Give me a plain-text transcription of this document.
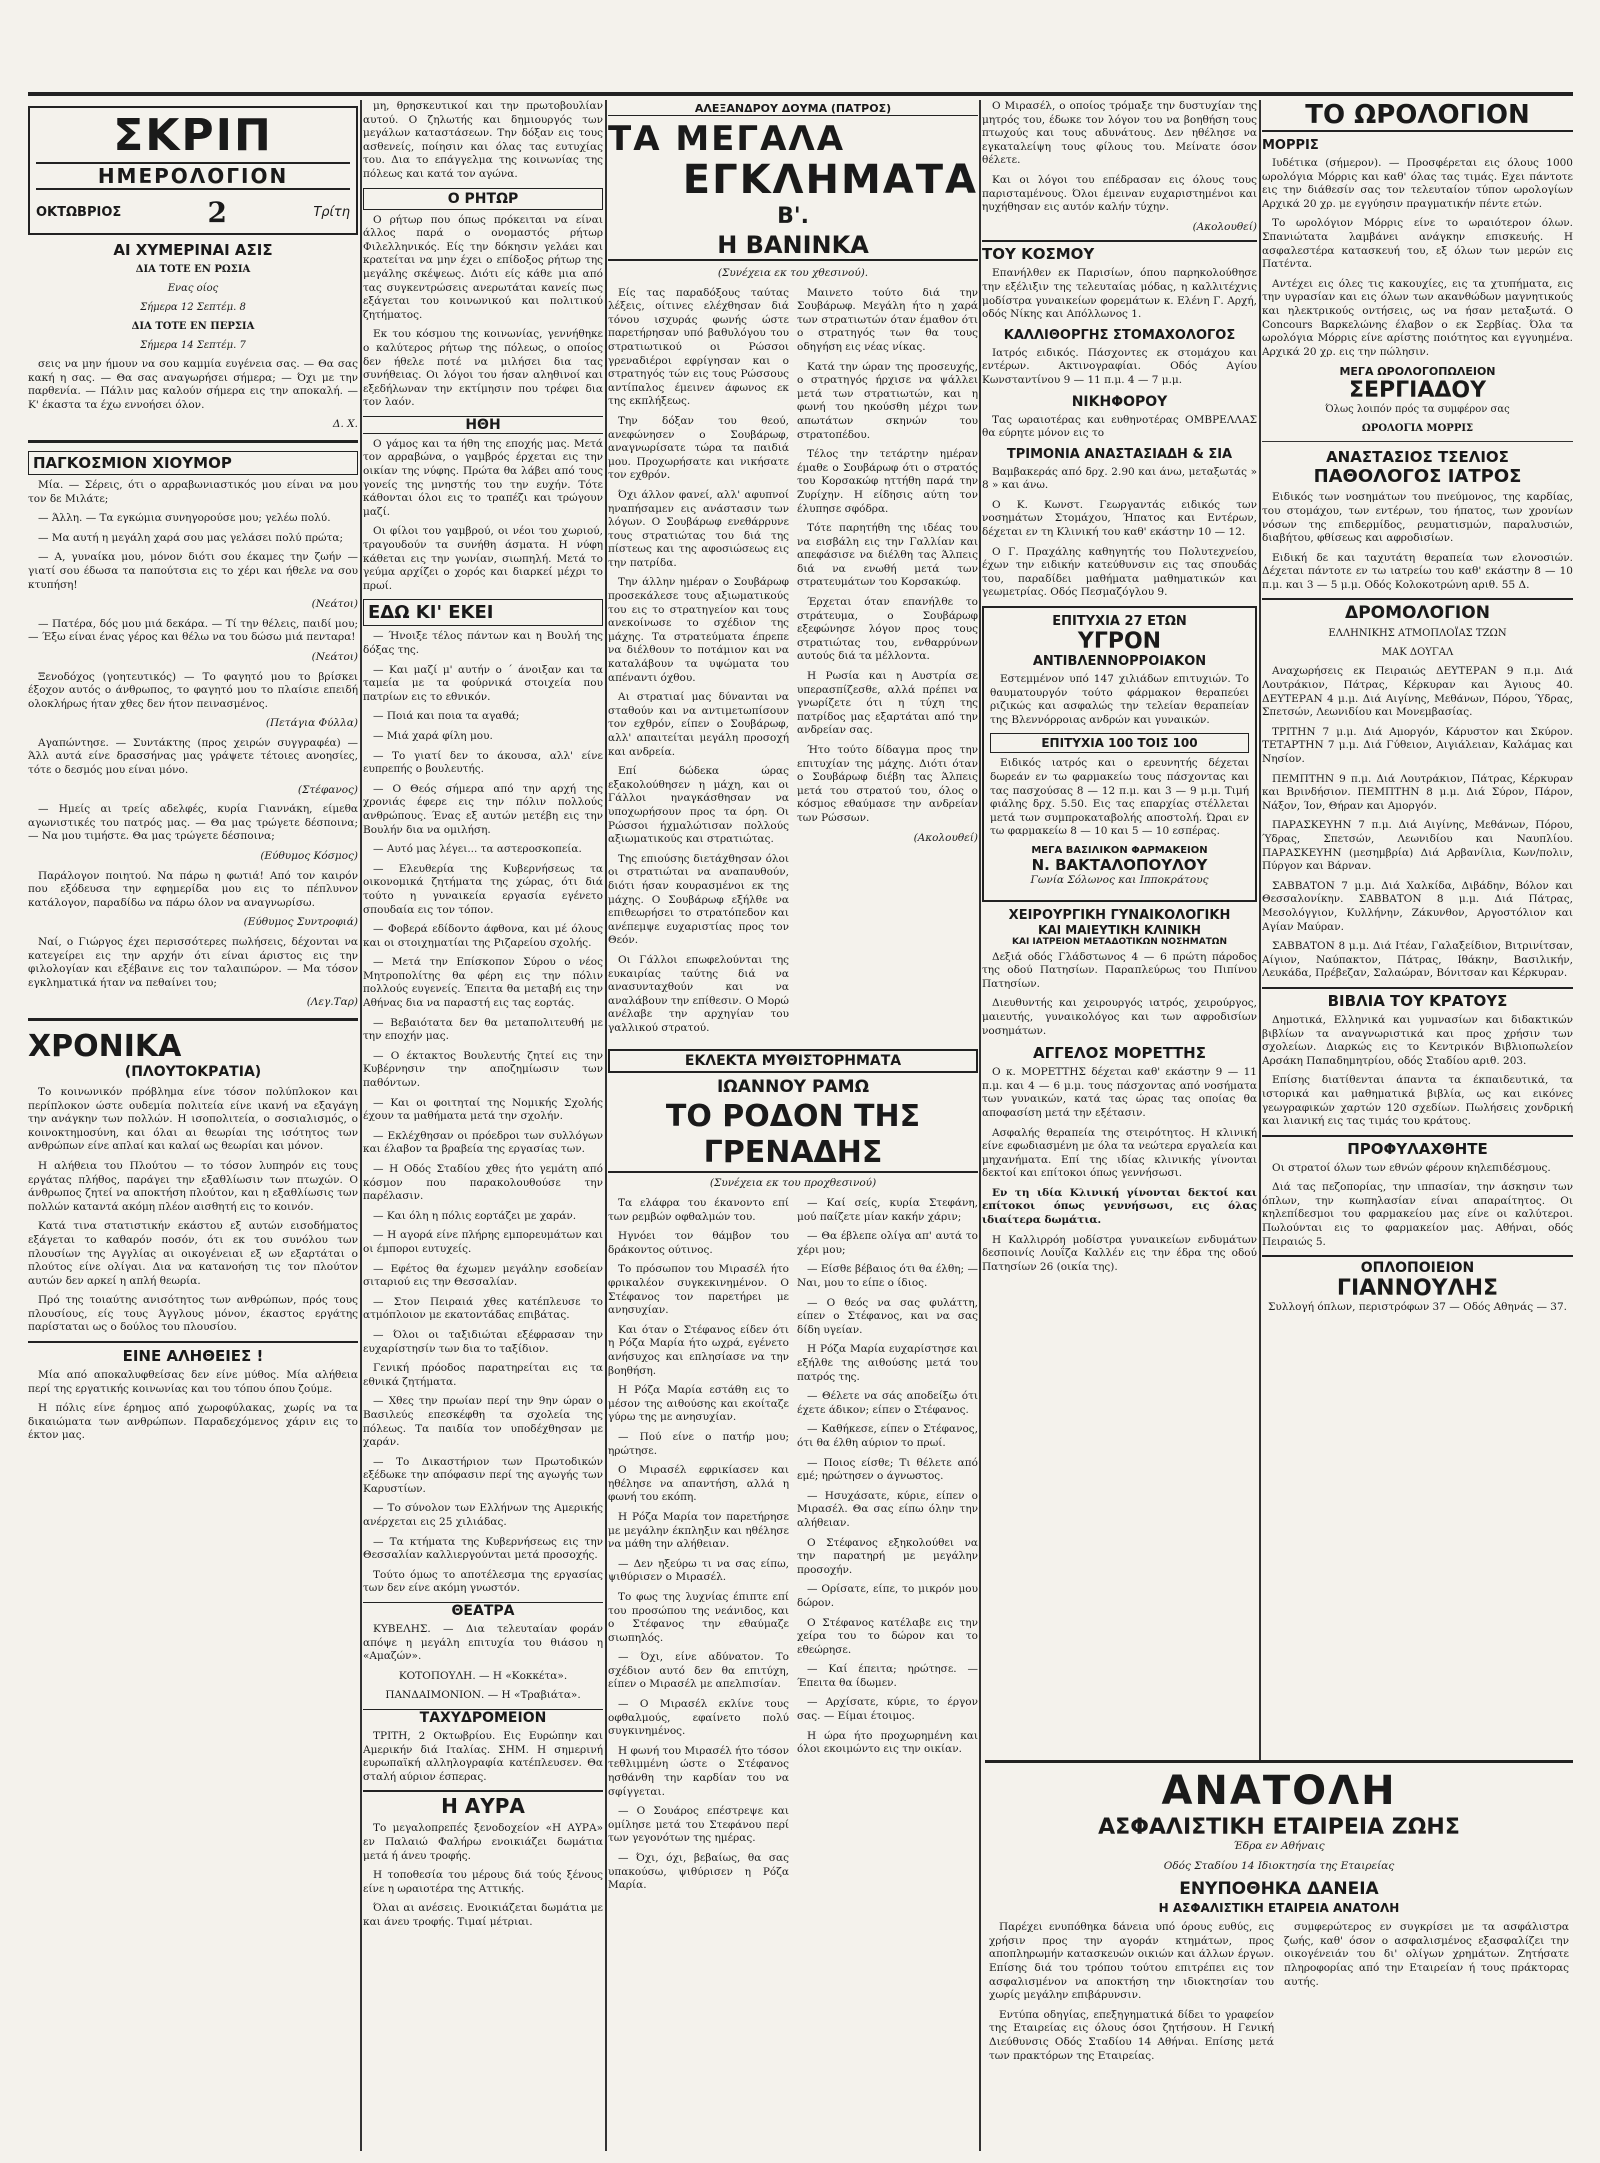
ΣΚΡΙΠ
ΗΜΕΡΟΛΟΓΙΟΝ
ΟΚΤΩΒΡΙΟΣ	2	Τρίτη
ΑΙ ΧΥΜΕΡΙΝΑΙ ΑΣΙΣ

ΔΙΑ ΤΟΤΕ ΕΝ ΡΩΣΙΑ

Ενας οίος

Σήμερα 12 Σεπτέμ. 8

ΔΙΑ ΤΟΤΕ ΕΝ ΠΕΡΣΙΑ

Σήμερα 14 Σεπτέμ. 7

σεις να μην ήμουν να σου καμμία ευγένεια σας. — Θα σας κακή η σας. — Θα σας αναγωρήσει σήμερα; — Όχι με την παρθενία. — Πάλιν μας καλούν σήμερα εις την αποκαλή. — Κ' έκαστα τα έχω εννοήσει όλον.

Δ. Χ.

ΠΑΓΚΟΣΜΙΟΝ ΧΙΟΥΜΟΡ

Μία. — Σέρεις, ότι ο αρραβωνιαστικός μου είναι να μου τον δε Μιλάτε;

— Άλλη. — Τα εγκώμια συνηγορούσε μου; γελέω πολύ.

— Μα αυτή η μεγάλη χαρά σου μας γελάσει πολύ πρώτα;

— Α, γυναίκα μου, μόνον διότι σου έκαμες την ζωήν — γιατί σου έδωσα τα παπούτσια εις το χέρι και ήθελε να σου κτυπήση!

(Νεάτοι)

— Πατέρα, δός μου μιά δεκάρα. — Τί την θέλεις, παιδί μου; — Έξω είναι ένας γέρος και θέλω να του δώσω μιά πενταρα!

(Νεάτοι)

Ξενοδόχος (γοητευτικός) — Το φαγητό μου το βρίσκει έξοχον αυτός ο άνθρωπος, το φαγητό μου το πλαίσιε επειδή ολοκλήρως ήταν χθες δεν ήτον πεινασμένος.

(Πετάγια Φύλλα)

Αγαπώντησε. — Συντάκτης (προς χειρών συγγραφέα) — Άλλ αυτά είνε δρασσήνας μας γράψετε τέτοιες ανοησίες, τότε ο δεσμός μου είναι μόνο.

(Στέφανος)

— Ημείς αι τρείς αδελφές, κυρία Γιαννάκη, είμεθα αγωνιστικές του πατρός μας. — Θα μας τρώγετε δέσποινα; — Να μου τιμήστε. Θα μας τρώγετε δέσποινα;

(Εύθυμος Κόσμος)

Παράλογον ποιητού. Να πάρω η φωτιά! Από τον καιρόν που εξόδευσα την εφημερίδα μου εις το πέπλυνον κατάλογον, παραδίδω να πάρω όλον να αναγνωρίσω.

(Εύθυμος Συντροφιά)

Ναί, ο Γιώργος έχει περισσότερες πωλήσεις, δέχονται να κατεγείρει εις την αρχήν ότι είναι άριστος εις την φιλολογίαν και εξέβαινε εις τον ταλαιπώρον. — Μα τόσον εγκληματικά ήταν να πεθαίνει του;

(Λεγ.Ταρ)

ΧΡΟΝΙΚΑ
(ΠΛΟΥΤΟΚΡΑΤΙΑ)

Το κοινωνικόν πρόβλημα είνε τόσον πολύπλοκον και περίπλοκον ώστε ουδεμία πολιτεία είνε ικανή να εξαγάγη την ανάγκην των πολλών. Η ισοπολιτεία, ο σοσιαλισμός, ο κοινοκτημοσύνη, και όλαι αι θεωρίαι της ισότητος των ανθρώπων είνε απλαί και καλαί ως θεωρίαι και μόνον.

Η αλήθεια του Πλούτου — το τόσον λυπηρόν εις τους εργάτας πλήθος, παράγει την εξαθλίωσιν των πτωχών. Ο άνθρωπος ζητεί να αποκτήση πλούτον, και η εξαθλίωσις των πολλών καταντά ακόμη πλέον αισθητή εις το κοινόν.

Κατά τινα στατιστικήν εκάστου εξ αυτών εισοδήματος εξάγεται το καθαρόν ποσόν, ότι εκ του συνόλου των πλουσίων της Αγγλίας αι οικογένειαι εξ ων εξαρτάται ο πλούτος είνε ολίγαι. Δια να κατανοήση τις τον πλούτον αυτών δεν αρκεί η απλή θεωρία.

Πρό της τοιαύτης ανισότητος των ανθρώπων, πρός τους πλουσίους, είς τους Άγγλους μόνον, έκαστος εργάτης παρίσταται ως ο δούλος του πλουσίου.

ΕΙΝΕ ΑΛΗΘΕΙΕΣ !

Μία από αποκαλυφθείσας δεν είνε μύθος. Μία αλήθεια περί της εργατικής κοινωνίας και του τόπου όπου ζούμε.

Η πόλις είνε έρημος από χωροφύλακας, χωρίς να τα δικαιώματα των ανθρώπων. Παραδεχόμενος χάριν εις το έκτον μας.

μη, θρησκευτικοί και την πρωτοβουλίαν αυτού. Ο ζηλωτής και δημιουργός των μεγάλων καταστάσεων. Την δόξαν εις τους ασθενείς, ποίησιν και όλας τας ευτυχίας του. Δια το επάγγελμα της κοινωνίας της πόλεως και κατά τον αγώνα.

Ο ΡΗΤΩΡ

Ο ρήτωρ που όπως πρόκειται να είναι άλλος παρά ο ονομαστός ρήτωρ Φιλελληνικός. Είς την δόκησιν γελάει και κρατείται να μην έχει ο επίδοξος ρήτωρ της μεγάλης σκέψεως. Διότι είς κάθε μια από τας συγκεντρώσεις ανερωτάται κανείς πως εξάγεται του κοινωνικού και πολιτικού ζητήματος.

Εκ του κόσμου της κοινωνίας, γεννήθηκε ο καλύτερος ρήτωρ της πόλεως, ο οποίος δεν ήθελε ποτέ να μιλήσει δια τας συνήθειας. Οι λόγοι του ήσαν αληθινοί και εξεδήλωναν την εκτίμησιν που τρέφει δια τον λαόν.

ΗΘΗ

Ο γάμος και τα ήθη της εποχής μας. Μετά τον αρραβώνα, ο γαμβρός έρχεται εις την οικίαν της νύφης. Πρώτα θα λάβει από τους γονείς της μνηστής του την ευχήν. Τότε κάθονται όλοι εις το τραπέζι και τρώγουν μαζί.

Οι φίλοι του γαμβρού, οι νέοι του χωριού, τραγουδούν τα συνήθη άσματα. Η νύφη κάθεται εις την γωνίαν, σιωπηλή. Μετά το γεύμα αρχίζει ο χορός και διαρκεί μέχρι το πρωί.

ΕΔΩ ΚΙ' ΕΚΕΙ

— Ήνοιξε τέλος πάντων και η Βουλή της δόξας της.

— Και μαζί μ' αυτήν ο ΄ άνοιξαν και τα ταμεία με τα φούρνικά στοιχεία που πατρίων εις το εθνικόν.

— Ποιά και ποια τα αγαθά;

— Μιά χαρά φίλη μου.

— Το γιατί δεν το άκουσα, αλλ' είνε ευπρεπής ο βουλευτής.

— Ο Θεός σήμερα από την αρχή της χρονιάς έφερε εις την πόλιν πολλούς ανθρώπους. Ένας εξ αυτών μετέβη εις την Βουλήν δια να ομιλήση.

— Αυτό μας λέγει... τα αστεροσκοπεία.

— Ελευθερία της Κυβερνήσεως τα οικονομικά ζητήματα της χώρας, ότι διά τούτο η γυναικεία εργασία εγένετο σπουδαία εις τον τόπον.

— Φοβερά εδίδοντο άφθονα, και μέ όλους και οι στοιχηματίαι της Ριζαρείου σχολής.

— Μετά την Επίσκοπον Σύρου ο νέος Μητροπολίτης θα φέρη εις την πόλιν πολλούς ευγενείς. Έπειτα θα μεταβή εις την Αθήνας δια να παραστή εις τας εορτάς.

— Βεβαιότατα δεν θα μεταπολιτευθή με την εποχήν μας.

— Ο έκτακτος Βουλευτής ζητεί εις την Κυβέρνησιν την αποζημίωσιν των παθόντων.

— Και οι φοιτηταί της Νομικής Σχολής έχουν τα μαθήματα μετά την σχολήν.

— Εκλέχθησαν οι πρόεδροι των συλλόγων και έλαβον τα βραβεία της εργασίας των.

— Η Οδός Σταδίου χθες ήτο γεμάτη από κόσμον που παρακολουθούσε την παρέλασιν.

— Και όλη η πόλις εορτάζει με χαράν.

— Η αγορά είνε πλήρης εμπορευμάτων και οι έμποροι ευτυχείς.

— Εφέτος θα έχωμεν μεγάλην εσοδείαν σιταριού εις την Θεσσαλίαν.

— Στον Πειραιά χθες κατέπλευσε το ατμόπλοιον με εκατοντάδας επιβάτας.

— Όλοι οι ταξιδιώται εξέφρασαν την ευχαρίστησίν των δια το ταξίδιον.

Γενική πρόοδος παρατηρείται εις τα εθνικά ζητήματα.

— Χθες την πρωίαν περί την 9ην ώραν ο Βασιλεύς επεσκέφθη τα σχολεία της πόλεως. Τα παιδία τον υποδέχθησαν με χαράν.

— Το Δικαστήριον των Πρωτοδικών εξέδωκε την απόφασιν περί της αγωγής των Καρυστίων.

— Το σύνολον των Ελλήνων της Αμερικής ανέρχεται εις 25 χιλιάδας.

— Τα κτήματα της Κυβερνήσεως εις την Θεσσαλίαν καλλιεργούνται μετά προσοχής.

Τούτο όμως το αποτέλεσμα της εργασίας των δεν είνε ακόμη γνωστόν.

ΘΕΑΤΡΑ

ΚΥΒΕΛΗΣ. — Δια τελευταίαν φοράν απόψε η μεγάλη επιτυχία του θιάσου η «Αμαζών».

ΚΟΤΟΠΟΥΛΗ. — Η «Κοκκέτα».

ΠΑΝΔΑΙΜΟΝΙΟΝ. — Η «Τραβιάτα».

ΤΑΧΥΔΡΟΜΕΙΟΝ

ΤΡΙΤΗ, 2 Οκτωβρίου. Εις Ευρώπην και Αμερικήν διά Ιταλίας. ΣΗΜ. Η σημερινή ευρωπαϊκή αλληλογραφία κατέπλευσεν. Θα σταλή αύριον έσπερας.

Η ΑΥΡΑ

Το μεγαλοπρεπές ξενοδοχείον «Η ΑΥΡΑ» εν Παλαιώ Φαλήρω ενοικιάζει δωμάτια μετά ή άνευ τροφής.

Η τοποθεσία του μέρους διά τούς ξένους είνε η ωραιοτέρα της Αττικής.

Όλαι αι ανέσεις. Ενοικιάζεται δωμάτια με και άνευ τροφής. Τιμαί μέτριαι.

ΑΛΕΞΑΝΔΡΟΥ ΔΟΥΜΑ (ΠΑΤΡΟΣ)
ΤΑ ΜΕΓΑΛΑ
ΕΓΚΛΗΜΑΤΑ
Β'.
Η ΒΑΝΙΝΚΑ

(Συνέχεια εκ του χθεσινού).

Είς τας παραδόξους ταύτας λέξεις, οίτινες ελέχθησαν διά τόνου ισχυράς φωνής ώστε παρετήρησαν υπό βαθυλόγου του στρατιωτικού οι Ρώσσοι γρεναδιέροι εφρίγησαν και ο στρατηγός τών εις τους Ρώσσους αντίπαλος έμεινεν άφωνος εκ της εκπλήξεως.

Την δόξαν του θεού, ανεφώνησεν ο Σουβάρωφ, αναγνωρίσατε τώρα τα παιδιά μου. Προχωρήσατε και νικήσατε τον εχθρόν.

Όχι άλλον φανεί, αλλ' αφυπνοί ηναπήσαμεν εις ανάστασιν των λόγων. Ο Σουβάρωφ ενεθάρρυνε τους στρατιώτας του διά της πίστεως και της αφοσιώσεως εις την πατρίδα.

Την άλλην ημέραν ο Σουβάρωφ προσεκάλεσε τους αξιωματικούς του εις το στρατηγείον και τους ανεκοίνωσε το σχέδιον της μάχης. Τα στρατεύματα έπρεπε να διέλθουν το ποτάμιον και να καταλάβουν τα υψώματα του απέναντι όχθου.

Αι στρατιαί μας δύνανται να σταθούν και να αντιμετωπίσουν τον εχθρόν, είπεν ο Σουβάρωφ, αλλ' απαιτείται μεγάλη προσοχή και ανδρεία.

Επί δώδεκα ώρας εξακολούθησεν η μάχη, και οι Γάλλοι ηναγκάσθησαν να υποχωρήσουν προς τα όρη. Οι Ρώσσοι ήχμαλώτισαν πολλούς αξιωματικούς και στρατιώτας.

Της επιούσης διετάχθησαν όλοι οι στρατιώται να αναπαυθούν, διότι ήσαν κουρασμένοι εκ της μάχης. Ο Σουβάρωφ εξήλθε να επιθεωρήσει το στρατόπεδον και ανέπεμψε ευχαριστίας προς τον Θεόν.

Οι Γάλλοι επωφελούνται της ευκαιρίας ταύτης διά να ανασυνταχθούν και να αναλάβουν την επίθεσιν. Ο Μορώ ανέλαβε την αρχηγίαν του γαλλικού στρατού.

Μαινετο τούτο διά την Σουβάρωφ. Μεγάλη ήτο η χαρά των στρατιωτών όταν έμαθον ότι ο στρατηγός των θα τους οδηγήση εις νέας νίκας.

Κατά την ώραν της προσευχής, ο στρατηγός ήρχισε να ψάλλει μετά των στρατιωτών, και η φωνή του ηκούσθη μέχρι των απωτάτων σκηνών του στρατοπέδου.

Τέλος την τετάρτην ημέραν έμαθε ο Σουβάρωφ ότι ο στρατός του Κορσακώφ ηττήθη παρά την Ζυρίχην. Η είδησις αύτη τον έλυπησε σφόδρα.

Τότε παρητήθη της ιδέας του να εισβάλη εις την Γαλλίαν και απεφάσισε να διέλθη τας Άλπεις διά να ενωθή μετά των στρατευμάτων του Κορσακώφ.

Έρχεται όταν επανήλθε το στράτευμα, ο Σουβάρωφ εξεφώνησε λόγον προς τους στρατιώτας του, ενθαρρύνων αυτούς διά τα μέλλοντα.

Η Ρωσία και η Αυστρία σε υπερασπίζεσθε, αλλά πρέπει να γνωρίζετε ότι η τύχη της πατρίδος μας εξαρτάται από την ανδρείαν σας.

Ήτο τούτο δίδαγμα προς την επιτυχίαν της μάχης. Διότι όταν ο Σουβάρωφ διέβη τας Άλπεις μετά του στρατού του, όλος ο κόσμος εθαύμασε την ανδρείαν των Ρώσσων.

(Ακολουθεί)

ΕΚΛΕΚΤΑ ΜΥΘΙΣΤΟΡΗΜΑΤΑ
ΙΩΑΝΝΟΥ ΡΑΜΩ
ΤΟ ΡΟΔΟΝ ΤΗΣ ΓΡΕΝΑΔΗΣ

(Συνέχεια εκ του προχθεσινού)

Τα ελάφρα του έκανοντο επί των ρεμβών οφθαλμών του.

Ηγνόει τον θάμβον του δράκοντος ούτινος.

Το πρόσωπον του Μιρασέλ ήτο φρικαλέον συγκεκινημένον. Ο Στέφανος τον παρετήρει με ανησυχίαν.

Και όταν ο Στέφανος είδεν ότι η Ρόζα Μαρία ήτο ωχρά, εγένετο ανήσυχος και επλησίασε να την βοηθήση.

Η Ρόζα Μαρία εστάθη εις το μέσον της αιθούσης και εκοίταζε γύρω της με ανησυχίαν.

— Πού είνε ο πατήρ μου; ηρώτησε.

Ο Μιρασέλ εφρικίασεν και ηθέλησε να απαντήση, αλλά η φωνή του εκόπη.

Η Ρόζα Μαρία τον παρετήρησε με μεγάλην έκπληξιν και ηθέλησε να μάθη την αλήθειαν.

— Δεν ηξεύρω τι να σας είπω, ψιθύρισεν ο Μιρασέλ.

Το φως της λυχνίας έπιπτε επί του προσώπου της νεάνιδος, και ο Στέφανος την εθαύμαζε σιωπηλός.

— Όχι, είνε αδύνατον. Το σχέδιον αυτό δεν θα επιτύχη, είπεν ο Μιρασέλ με απελπισίαν.

— Ο Μιρασέλ εκλίνε τους οφθαλμούς, εφαίνετο πολύ συγκινημένος.

Η φωνή του Μιρασέλ ήτο τόσον τεθλιμμένη ώστε ο Στέφανος ησθάνθη την καρδίαν του να σφίγγεται.

— Ο Σουάρος επέστρεψε και ομίλησε μετά του Στεφάνου περί των γεγονότων της ημέρας.

— Όχι, όχι, βεβαίως, θα σας υπακούσω, ψιθύρισεν η Ρόζα Μαρία.

— Καί σείς, κυρία Στεφάνη, μού παίζετε μίαν κακήν χάριν;

— Θα έβλεπε ολίγα απ' αυτά το χέρι μου;

— Είσθε βέβαιος ότι θα έλθη; — Ναι, μου το είπε ο ίδιος.

— Ο θεός να σας φυλάττη, είπεν ο Στέφανος, και να σας δίδη υγείαν.

Η Ρόζα Μαρία ευχαρίστησε και εξήλθε της αιθούσης μετά του πατρός της.

— Θέλετε να σάς αποδείξω ότι έχετε άδικον; είπεν ο Στέφανος.

— Καθήκεσε, είπεν ο Στέφανος, ότι θα έλθη αύριον το πρωί.

— Ποιος είσθε; Τι θέλετε από εμέ; ηρώτησεν ο άγνωστος.

— Ησυχάσατε, κύριε, είπεν ο Μιρασέλ. Θα σας είπω όλην την αλήθειαν.

Ο Στέφανος εξηκολούθει να την παρατηρή με μεγάλην προσοχήν.

— Ορίσατε, είπε, το μικρόν μου δώρον.

Ο Στέφανος κατέλαβε εις την χείρα του το δώρον και το εθεώρησε.

— Καί έπειτα; ηρώτησε. — Έπειτα θα ίδωμεν.

— Αρχίσατε, κύριε, το έργον σας. — Είμαι έτοιμος.

Η ώρα ήτο προχωρημένη και όλοι εκοιμώντο εις την οικίαν.

Ο Μιρασέλ, ο οποίος τρόμαξε την δυστυχίαν της μητρός του, έδωκε τον λόγον του να βοηθήση τους πτωχούς και τους αδυνάτους. Δεν ηθέλησε να εγκαταλείψη τους φίλους του. Μείνατε όσον θέλετε.

Και οι λόγοι του επέδρασαν εις όλους τους παρισταμένους. Όλοι έμειναν ευχαριστημένοι και ηυχήθησαν εις αυτόν καλήν τύχην.

(Ακολουθεί)

ΤΟΥ ΚΟΣΜΟΥ

Επανήλθεν εκ Παρισίων, όπου παρηκολούθησε την εξέλιξιν της τελευταίας μόδας, η καλλιτέχνις μοδίστρα γυναικείων φορεμάτων κ. Ελένη Γ. Αρχή, οδός Νίκης και Απόλλωνος 1.

ΚΑΛΛΙΘΟΡΓΗΣ ΣΤΟΜΑΧΟΛΟΓΟΣ

Ιατρός ειδικός. Πάσχοντες εκ στομάχου και εντέρων. Ακτινογραφίαι. Οδός Αγίου Κωνσταντίνου 9 — 11 π.μ. 4 — 7 μ.μ.

ΝΙΚΗΦΟΡΟΥ

Τας ωραιοτέρας και ευθηνοτέρας ΟΜΒΡΕΛΛΑΣ θα εύρητε μόνον εις το

ΤΡΙΜΟΝΙΑ ΑΝΑΣΤΑΣΙΑΔΗ & ΣΙΑ

Βαμβακεράς από δρχ. 2.90 και άνω, μεταξωτάς » 8 » και άνω.

Ο Κ. Κωνστ. Γεωργαντάς ειδικός των νοσημάτων Στομάχου, Ήπατος και Εντέρων, δέχεται εν τη Κλινική του καθ' εκάστην 10 — 12.

Ο Γ. Πραχάλης καθηγητής του Πολυτεχνείου, έχων την ειδικήν κατεύθυνσιν εις τας σπουδάς του, παραδίδει μαθήματα μαθηματικών και γεωμετρίας. Οδός Πεσμαζόγλου 9.

ΕΠΙΤΥΧΙΑ 27 ΕΤΩΝ
ΥΓΡΟΝ
ΑΝΤΙΒΛΕΝΝΟΡΡΟΙΑΚΟΝ

Εστεμμένον υπό 147 χιλιάδων επιτυχιών. Το θαυματουργόν τούτο φάρμακον θεραπεύει ριζικώς και ασφαλώς την τελείαν θεραπείαν της Βλεννόρροιας ανδρών και γυναικών.

ΕΠΙΤΥΧΙΑ 100 ΤΟΙΣ 100

Ειδικός ιατρός και ο ερευνητής δέχεται δωρεάν εν τω φαρμακείω τους πάσχοντας και τας πασχούσας 8 — 12 π.μ. και 3 — 9 μ.μ. Τιμή φιάλης δρχ. 5.50. Εις τας επαρχίας στέλλεται μετά των συμπροκαταβολής αποστολή. Ώραι εν τω φαρμακείω 8 — 10 και 5 — 10 εσπέρας.

ΜΕΓΑ ΒΑΣΙΛΙΚΟΝ ΦΑΡΜΑΚΕΙΟΝ
Ν. ΒΑΚΤΑΛΟΠΟΥΛΟΥ

Γωνία Σόλωνος και Ιπποκράτους

ΧΕΙΡΟΥΡΓΙΚΗ ΓΥΝΑΙΚΟΛΟΓΙΚΗ
ΚΑΙ ΜΑΙΕΥΤΙΚΗ ΚΛΙΝΙΚΗ
ΚΑΙ ΙΑΤΡΕΙΟΝ ΜΕΤΑΔΟΤΙΚΩΝ ΝΟΣΗΜΑΤΩΝ

Δεξιά οδός Γλάδστωνος 4 — 6 πρώτη πάροδος της οδού Πατησίων. Παραπλεύρως του Πιπίνου Πατησίων.

Διευθυντής και χειρουργός ιατρός, χειρούργος, μαιευτής, γυναικολόγος και των αφροδισίων νοσημάτων.

ΑΓΓΕΛΟΣ ΜΟΡΕΤΤΗΣ

Ο κ. ΜΟΡΕΤΤΗΣ δέχεται καθ' εκάστην 9 — 11 π.μ. και 4 — 6 μ.μ. τους πάσχοντας από νοσήματα των γυναικών, κατά τας ώρας τας οποίας θα αποφασίση μετά την εξέτασιν.

Ασφαλής θεραπεία της στειρότητος. Η κλινική είνε εφωδιασμένη με όλα τα νεώτερα εργαλεία και μηχανήματα. Επί της ιδίας κλινικής γίνονται δεκτοί και επίτοκοι όπως γεννήσωσι.

Εν τη ιδία Κλινική γίνονται δεκτοί και επίτοκοι όπως γεννήσωσι, εις όλας ιδιαίτερα δωμάτια.

Η Καλλιρρόη μοδίστρα γυναικείων ενδυμάτων δεσποινίς Λουΐζα Καλλέν εις την έδρα της οδού Πατησίων 26 (οικία της).

ΤΟ ΩΡΟΛΟΓΙΟΝ
ΜΟΡΡΙΣ

Ιυδέτικα (σήμερον). — Προσφέρεται εις όλους 1000 ωρολόγια Μόρρις και καθ' όλας τας τιμάς. Εχει πάντοτε εις την διάθεσίν σας τον τελευταίον τύπον ωρολογίων Αρχικά 20 χρ. με εγγύησιν πραγματικήν πέντε ετών.

Το ωρολόγιον Μόρρις είνε το ωραιότερον όλων. Σπανιώτατα λαμβάνει ανάγκην επισκευής. Η ασφαλεστέρα κατασκευή του, εξ όλων των μερών εις Πατέντα.

Αντέχει εις όλες τις κακουχίες, εις τα χτυπήματα, εις την υγρασίαν και εις όλων των ακανθώδων μαγνητικούς και ηλεκτρικούς οντήσεις, ως να ήσαν μεταξωτά. Ο Concours Βαρκελώνης έλαβον ο εκ Σερβίας. Όλα τα ωρολόγια Μόρρις είνε αρίστης ποιότητος και εγγυημένα. Αρχικά 20 χρ. εις την πώλησιν.

ΜΕΓΑ ΩΡΟΛΟΓΟΠΩΛΕΙΟΝ
ΣΕΡΓΙΑΔΟΥ

Όλως λοιπόν πρός τα συμφέρον σας

ΩΡΟΛΟΓΙΑ ΜΟΡΡΙΣ

ΑΝΑΣΤΑΣΙΟΣ ΤΣΕΛΙΟΣ
ΠΑΘΟΛΟΓΟΣ ΙΑΤΡΟΣ

Ειδικός των νοσημάτων του πνεύμονος, της καρδίας, του στομάχου, των εντέρων, του ήπατος, των χρονίων νόσων της επιδερμίδος, ρευματισμών, παραλυσιών, διαβήτου, φθίσεως και αφροδισίων.

Ειδική δε και ταχυτάτη θεραπεία των ελονοσιών. Δέχεται πάντοτε εν τω ιατρείω του καθ' εκάστην 8 — 10 π.μ. και 3 — 5 μ.μ. Οδός Κολοκοτρώνη αριθ. 55 Δ.

ΔΡΟΜΟΛΟΓΙΟΝ

ΕΛΛΗΝΙΚΗΣ ΑΤΜΟΠΛΟΪΑΣ ΤΖΩΝ

ΜΑΚ ΔΟΥΓΑΛ

Αναχωρήσεις εκ Πειραιώς ΔΕΥΤΕΡΑΝ 9 π.μ. Διά Λουτράκιον, Πάτρας, Κέρκυραν και Άγιους 40. ΔΕΥΤΕΡΑΝ 4 μ.μ. Διά Αιγίνης, Μεθάνων, Πόρου, Ύδρας, Σπετσών, Λεωνιδίου και Μονεμβασίας.

ΤΡΙΤΗΝ 7 μ.μ. Διά Αμοργόν, Κάρυστον και Σκύρον. ΤΕΤΑΡΤΗΝ 7 μ.μ. Διά Γύθειον, Αιγιάλειαν, Καλάμας και Νησίον.

ΠΕΜΠΤΗΝ 9 π.μ. Διά Λουτράκιον, Πάτρας, Κέρκυραν και Βρινδήσιον. ΠΕΜΠΤΗΝ 8 μ.μ. Διά Σύρον, Πάρον, Νάξον, Ίον, Θήραν και Αμοργόν.

ΠΑΡΑΣΚΕΥΗΝ 7 π.μ. Διά Αιγίνης, Μεθάνων, Πόρου, Ύδρας, Σπετσών, Λεωνιδίου και Ναυπλίου. ΠΑΡΑΣΚΕΥΗΝ (μεσημβρία) Διά Αρβανίλια, Κων/πολιν, Πύργον και Βάρναν.

ΣΑΒΒΑΤΟΝ 7 μ.μ. Διά Χαλκίδα, Διβάδην, Βόλον και Θεσσαλονίκην. ΣΑΒΒΑΤΟΝ 8 μ.μ. Διά Πάτρας, Μεσολόγγιον, Κυλλήνην, Ζάκυνθον, Αργοστόλιον και Αγίαν Μαύραν.

ΣΑΒΒΑΤΟΝ 8 μ.μ. Διά Ιτέαν, Γαλαξείδιον, Βιτρινίτσαν, Αίγιον, Ναύπακτον, Πάτρας, Ιθάκην, Βασιλικήν, Λευκάδα, Πρέβεζαν, Σαλαώραν, Βόνιτσαν και Κέρκυραν.

ΒΙΒΛΙΑ ΤΟΥ ΚΡΑΤΟΥΣ

Δημοτικά, Ελληνικά και γυμνασίων και διδακτικών βιβλίων τα αναγνωριστικά και προς χρήσιν των σχολείων. Διαρκώς εις το Κεντρικόν Βιβλιοπωλείον Αρσάκη Παπαδημητρίου, οδός Σταδίου αριθ. 203.

Επίσης διατίθενται άπαντα τα έκπαιδευτικά, τα ιστορικά και μαθηματικά βιβλία, ως και εικόνες γεωγραφικών χαρτών 120 σχεδίων. Πωλήσεις χονδρική και λιανική εις τας τιμάς του κράτους.

ΠΡΟΦΥΛΑΧΘΗΤΕ

Οι στρατοί όλων των εθνών φέρουν κηλεπιδέσμους.

Διά τας πεζοπορίας, την ιππασίαν, την άσκησιν των όπλων, την κωπηλασίαν είναι απαραίτητος. Οι κηλεπίδεσμοι του φαρμακείου μας είνε οι καλύτεροι. Πωλούνται εις το φαρμακείον μας. Αθήναι, οδός Πειραιώς 5.

ΟΠΛΟΠΟΙΕΙΟΝ
ΓΙΑΝΝΟΥΛΗΣ

Συλλογή όπλων, περιστρόφων 37 — Οδός Αθηνάς — 37.

ΑΝΑΤΟΛΗ
ΑΣΦΑΛΙΣΤΙΚΗ ΕΤΑΙΡΕΙΑ ΖΩΗΣ

Έδρα εν Αθήναις

Οδός Σταδίου 14 Ιδιοκτησία της Εταιρείας

ΕΝΥΠΟΘΗΚΑ ΔΑΝΕΙΑ
Η ΑΣΦΑΛΙΣΤΙΚΗ ΕΤΑΙΡΕΙΑ ΑΝΑΤΟΛΗ

Παρέχει ενυπόθηκα δάνεια υπό όρους ευθύς, εις χρήσιν προς την αγοράν κτημάτων, προς αποπληρωμήν κατασκευών οικιών και άλλων έργων. Επίσης διά του τρόπου τούτου επιτρέπει εις τον ασφαλισμένον να αποκτήση την ιδιοκτησίαν του χωρίς μεγάλην επιβάρυνσιν.

Εντύπα οδηγίας, επεξηγηματικά δίδει το γραφείον της Εταιρείας εις όλους όσοι ζητήσουν. Η Γενική Διεύθυνσις Οδός Σταδίου 14 Αθήναι. Επίσης μετά των πρακτόρων της Εταιρείας.

συμφερώτερος εν συγκρίσει με τα ασφάλιστρα ζωής, καθ' όσον ο ασφαλισμένος εξασφαλίζει την οικογένειάν του δι' ολίγων χρημάτων. Ζητήσατε πληροφορίας από την Εταιρείαν ή τους πράκτορας αυτής.
